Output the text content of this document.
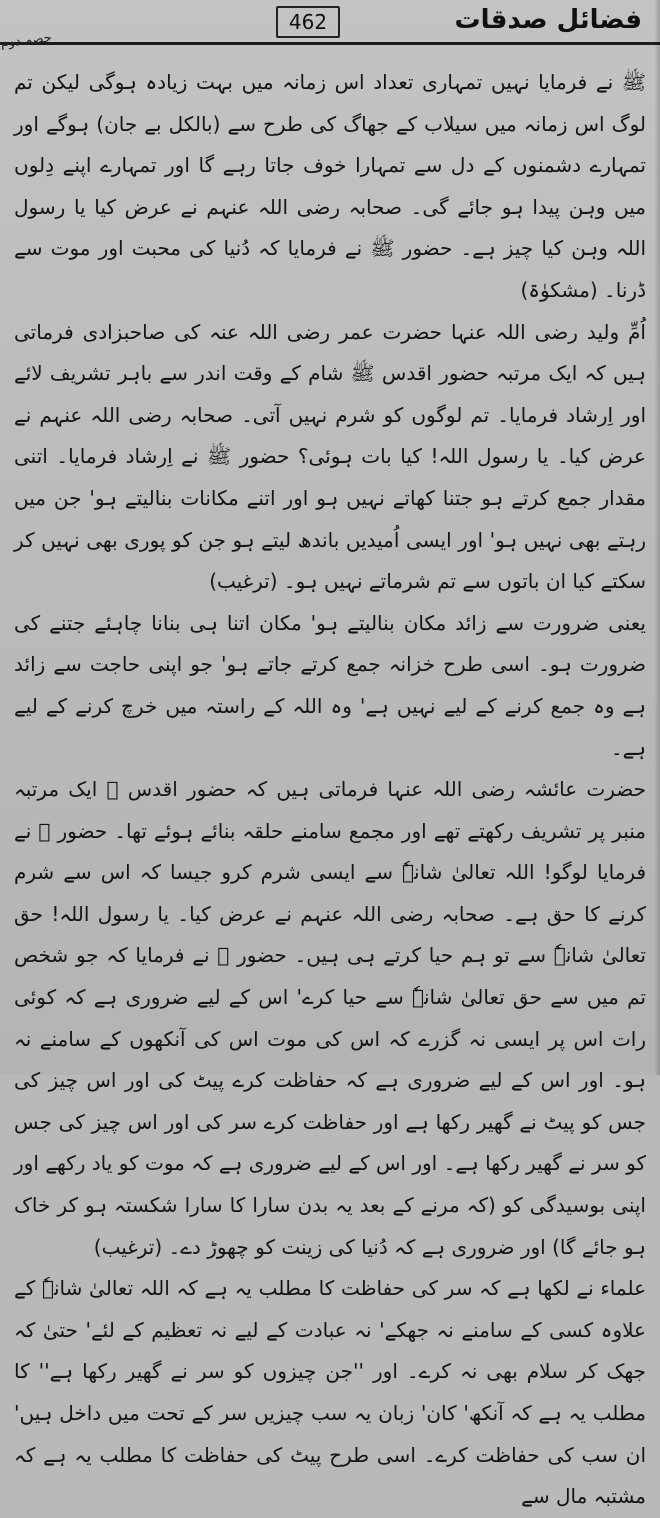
462	فضائل صدقات
حصہ دوم

ﷺ نے فرمایا نہیں تمہاری تعداد اس زمانہ میں بہت زیادہ ہوگی لیکن تم لوگ اس زمانہ میں سیلاب کے جھاگ کی طرح سے (بالکل بے جان) ہوگے اور تمہارے دشمنوں کے دل سے تمہارا خوف جاتا رہے گا اور تمہارے اپنے دِلوں میں وہن پیدا ہو جائے گی۔ صحابہ رضی اللہ عنہم نے عرض کیا یا رسول اللہ وہن کیا چیز ہے۔ حضور ﷺ نے فرمایا کہ دُنیا کی محبت اور موت سے ڈرنا۔ (مشکوٰۃ)

اُمِّ ولید رضی اللہ عنہا حضرت عمر رضی اللہ عنہ کی صاحبزادی فرماتی ہیں کہ ایک مرتبہ حضور اقدس ﷺ شام کے وقت اندر سے باہر تشریف لائے اور اِرشاد فرمایا۔ تم لوگوں کو شرم نہیں آتی۔ صحابہ رضی اللہ عنہم نے عرض کیا۔ یا رسول اللہ! کیا بات ہوئی؟ حضور ﷺ نے اِرشاد فرمایا۔ اتنی مقدار جمع کرتے ہو جتنا کھاتے نہیں ہو اور اتنے مکانات بنالیتے ہو' جن میں رہتے بھی نہیں ہو' اور ایسی اُمیدیں باندھ لیتے ہو جن کو پوری بھی نہیں کر سکتے کیا ان باتوں سے تم شرماتے نہیں ہو۔ (ترغیب)

یعنی ضرورت سے زائد مکان بنالیتے ہو' مکان اتنا ہی بنانا چاہئے جتنے کی ضرورت ہو۔ اسی طرح خزانہ جمع کرتے جاتے ہو' جو اپنی حاجت سے زائد ہے وہ جمع کرنے کے لیے نہیں ہے' وہ اللہ کے راستہ میں خرچ کرنے کے لیے ہے۔

حضرت عائشہ رضی اللہ عنہا فرماتی ہیں کہ حضور اقدس ﷺ ایک مرتبہ منبر پر تشریف رکھتے تھے اور مجمع سامنے حلقہ بنائے ہوئے تھا۔ حضور ﷺ نے فرمایا لوگو! اللہ تعالیٰ شانہٗ سے ایسی شرم کرو جیسا کہ اس سے شرم کرنے کا حق ہے۔ صحابہ رضی اللہ عنہم نے عرض کیا۔ یا رسول اللہ! حق تعالیٰ شانہٗ سے تو ہم حیا کرتے ہی ہیں۔ حضور ﷺ نے فرمایا کہ جو شخص تم میں سے حق تعالیٰ شانہٗ سے حیا کرے' اس کے لیے ضروری ہے کہ کوئی رات اس پر ایسی نہ گزرے کہ اس کی موت اس کی آنکھوں کے سامنے نہ ہو۔ اور اس کے لیے ضروری ہے کہ حفاظت کرے پیٹ کی اور اس چیز کی جس کو پیٹ نے گھیر رکھا ہے اور حفاظت کرے سر کی اور اس چیز کی جس کو سر نے گھیر رکھا ہے۔ اور اس کے لیے ضروری ہے کہ موت کو یاد رکھے اور اپنی بوسیدگی کو (کہ مرنے کے بعد یہ بدن سارا کا سارا شکستہ ہو کر خاک ہو جائے گا) اور ضروری ہے کہ دُنیا کی زینت کو چھوڑ دے۔ (ترغیب)

علماء نے لکھا ہے کہ سر کی حفاظت کا مطلب یہ ہے کہ اللہ تعالیٰ شانہٗ کے علاوہ کسی کے سامنے نہ جھکے' نہ عبادت کے لیے نہ تعظیم کے لئے' حتیٰ کہ جھک کر سلام بھی نہ کرے۔ اور ''جن چیزوں کو سر نے گھیر رکھا ہے'' کا مطلب یہ ہے کہ آنکھ' کان' زبان یہ سب چیزیں سر کے تحت میں داخل ہیں' ان سب کی حفاظت کرے۔ اسی طرح پیٹ کی حفاظت کا مطلب یہ ہے کہ مشتبہ مال سے
